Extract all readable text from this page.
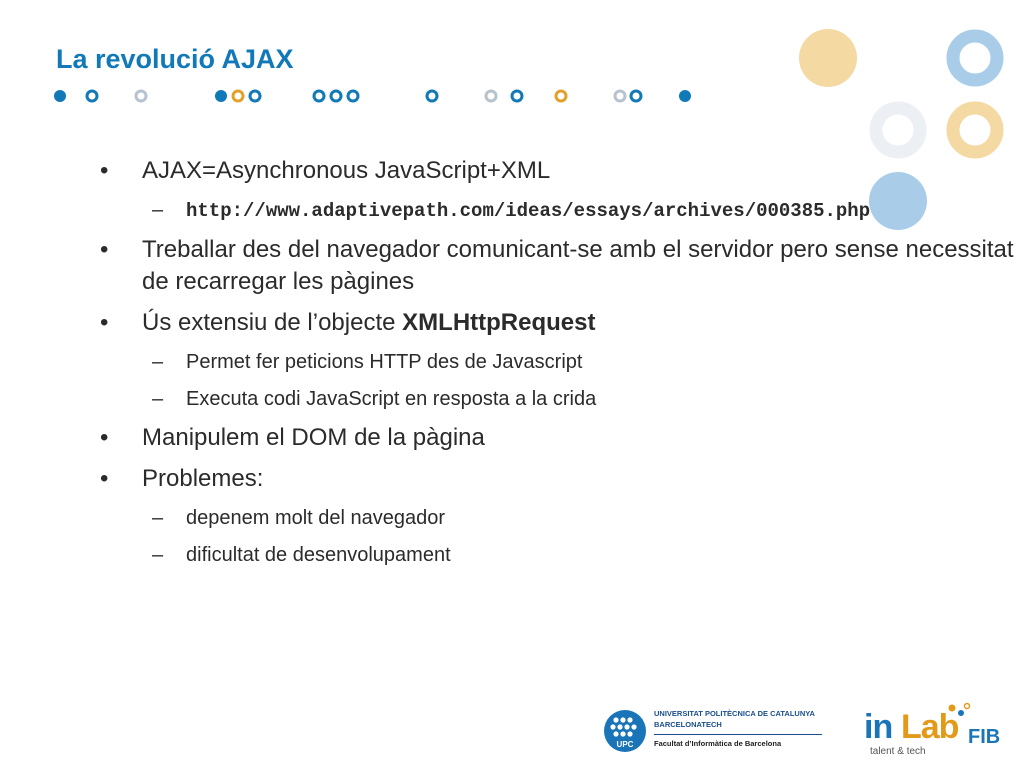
La revolució AJAX
• AJAX=Asynchronous JavaScript+XML
– http://www.adaptivepath.com/ideas/essays/archives/000385.php
• Treballar des del navegador comunicant-se amb el servidor pero sense necessitat de recarregar les pàgines
• Ús extensiu de l’objecte XMLHttpRequest
– Permet fer peticions HTTP des de Javascript
– Executa codi JavaScript en resposta a la crida
• Manipulem el DOM de la pàgina
• Problemes:
– depenem molt del navegador
– dificultat de desenvolupament
UPC
UNIVERSITAT POLITÈCNICA DE CATALUNYA
BARCELONATECH
Facultat d’Informàtica de Barcelona	in Lab FIB
talent & tech
